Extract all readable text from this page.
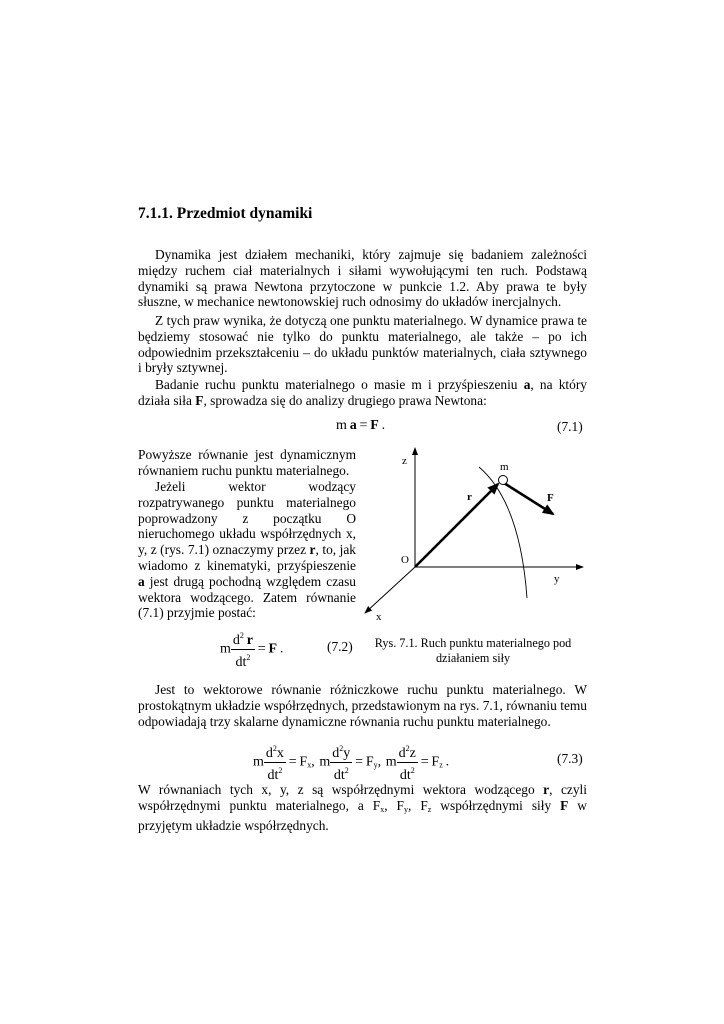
7.1.1. Przedmiot dynamiki

Dynamika jest działem mechaniki, który zajmuje się badaniem zależności między ruchem ciał materialnych i siłami wywołującymi ten ruch. Podstawą dynamiki są prawa Newtona przytoczone w punkcie 1.2. Aby prawa te były słuszne, w mechanice newtonowskiej ruch odnosimy do układów inercjalnych.

Z tych praw wynika, że dotyczą one punktu materialnego. W dynamice prawa te będziemy stosować nie tylko do punktu materialnego, ale także – po ich odpowiednim przekształceniu – do układu punktów materialnych, ciała sztywnego i bryły sztywnej.

Badanie ruchu punktu materialnego o masie m i przyśpieszeniu a, na który działa siła F, sprowadza się do analizy drugiego prawa Newtona:

m  a  =  F  .	(7.1)

Powyższe równanie jest dynamicznym równaniem ruchu punktu materialnego.

Jeżeli wektor wodzący rozpatrywanego punktu materialnego poprowadzony z początku O nieruchomego układu współrzędnych x, y, z (rys. 7.1) oznaczymy przez r, to, jak wiadomo z kinematyki, przyśpieszenie a jest drugą pochodną względem czasu wektora wodzącego. Zatem równanie (7.1) przyjmie postać:

m $\frac{d^2 r}{dt^2}$
  =  F  .	(7.2)
z
y
x
O
m
r	F
Rys. 7.1. Ruch punktu materialnego pod działaniem siły

Jest to wektorowe równanie różniczkowe ruchu punktu materialnego. W prostokątnym układzie współrzędnych, przedstawionym na rys. 7.1, równaniu temu odpowiadają trzy skalarne dynamiczne równania ruchu punktu materialnego.

m $\frac{d^2x}{dt^2}$
  =  $F_x$,  m $\frac{d^2y}{dt^2}$
  =  $F_y$,  m $\frac{d^2z}{dt^2}$
  =  $F_z$  .	(7.3)

W równaniach tych x, y, z są współrzędnymi wektora wodzącego r, czyli współrzędnymi punktu materialnego, a $F_x$, $F_y$, $F_z$ współrzędnymi siły F w przyjętym układzie współrzędnych.
